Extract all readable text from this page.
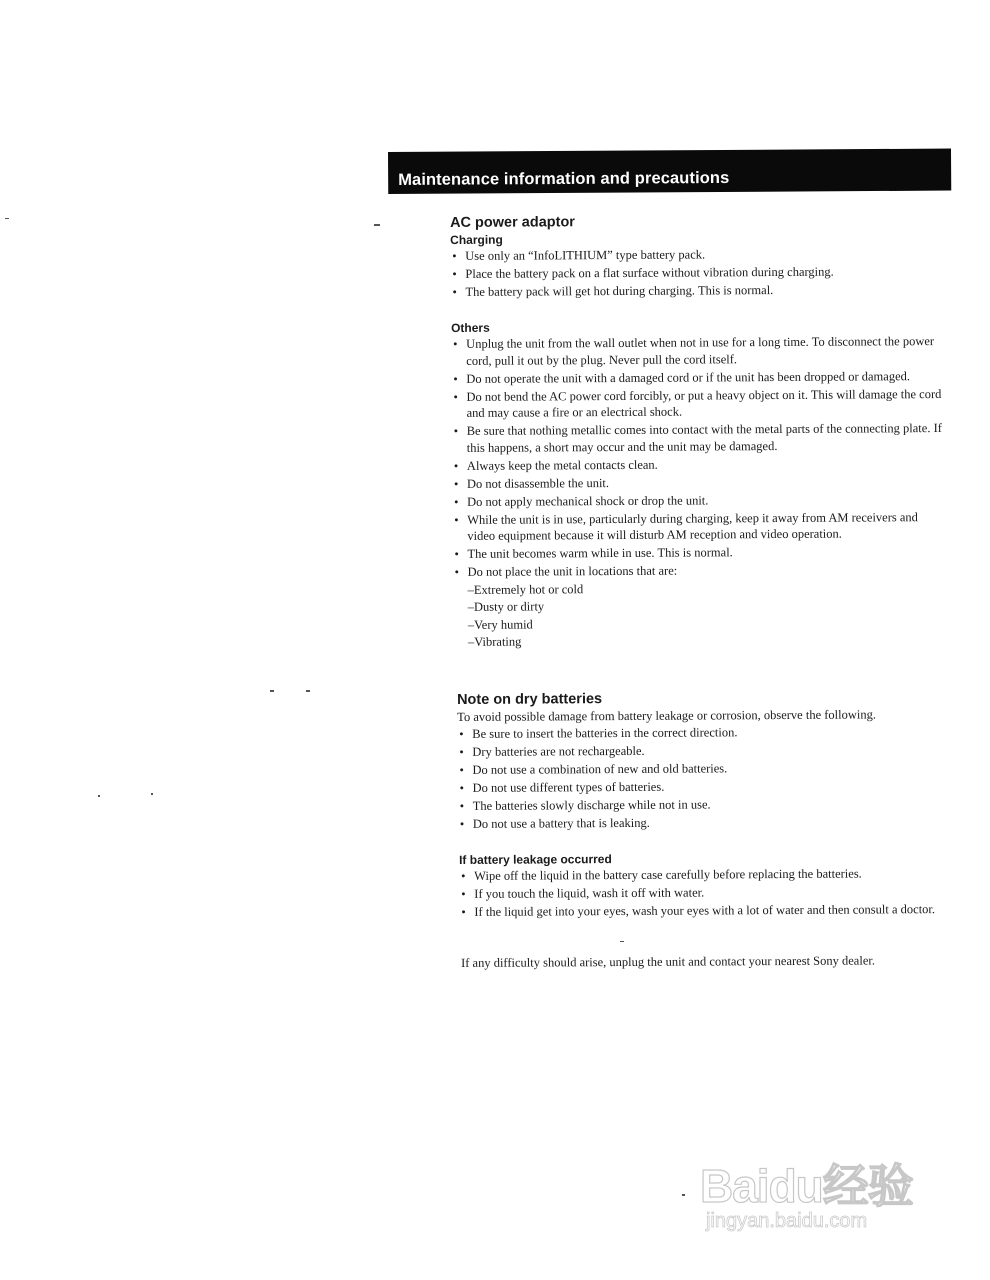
Maintenance information and precautions
AC power adaptor
Charging
• Use only an “InfoLITHIUM” type battery pack.
• Place the battery pack on a flat surface without vibration during charging.
• The battery pack will get hot during charging. This is normal.
Others
• Unplug the unit from the wall outlet when not in use for a long time. To disconnect the power cord, pull it out by the plug. Never pull the cord itself.
• Do not operate the unit with a damaged cord or if the unit has been dropped or damaged.
• Do not bend the AC power cord forcibly, or put a heavy object on it. This will damage the cord and may cause a fire or an electrical shock.
• Be sure that nothing metallic comes into contact with the metal parts of the connecting plate. If this happens, a short may occur and the unit may be damaged.
• Always keep the metal contacts clean.
• Do not disassemble the unit.
• Do not apply mechanical shock or drop the unit.
• While the unit is in use, particularly during charging, keep it away from AM receivers and video equipment because it will disturb AM reception and video operation.
• The unit becomes warm while in use. This is normal.
• Do not place the unit in locations that are:
– Extremely hot or cold
– Dusty or dirty
– Very humid
– Vibrating
Note on dry batteries

To avoid possible damage from battery leakage or corrosion, observe the following.

• Be sure to insert the batteries in the correct direction.
• Dry batteries are not rechargeable.
• Do not use a combination of new and old batteries.
• Do not use different types of batteries.
• The batteries slowly discharge while not in use.
• Do not use a battery that is leaking.
If battery leakage occurred
• Wipe off the liquid in the battery case carefully before replacing the batteries.
• If you touch the liquid, wash it off with water.
• If the liquid get into your eyes, wash your eyes with a lot of water and then consult a doctor.

If any difficulty should arise, unplug the unit and contact your nearest Sony dealer.

Baidu经验
jingyan.baidu.com
